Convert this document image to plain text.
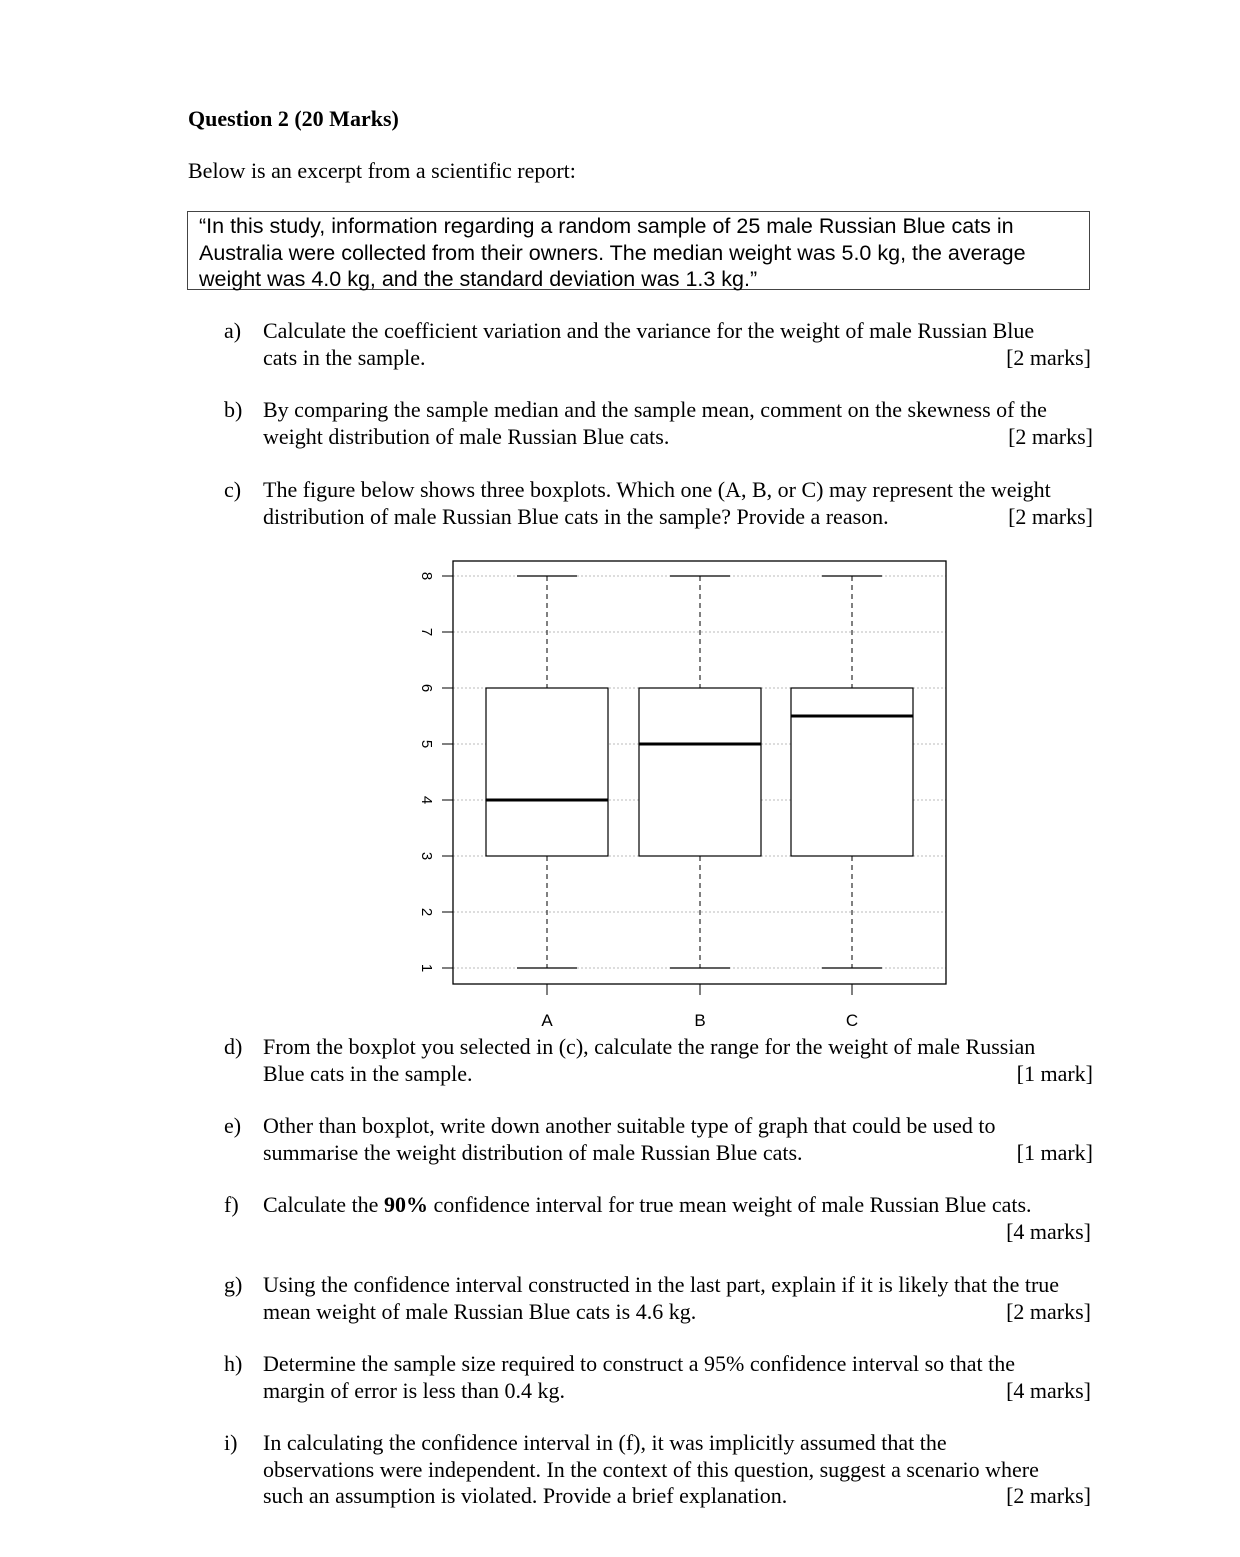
Question 2 (20 Marks)
Below is an excerpt from a scientific report:
“In this study, information regarding a random sample of 25 male Russian Blue cats in
Australia were collected from their owners. The median weight was 5.0 kg, the average
weight was 4.0 kg, and the standard deviation was 1.3 kg.”
a) Calculate the coefficient variation and the variance for the weight of male Russian Blue
cats in the sample.	[2 marks]
b) By comparing the sample median and the sample mean, comment on the skewness of the
weight distribution of male Russian Blue cats.	[2 marks]
c) The figure below shows three boxplots. Which one (A, B, or C) may represent the weight
distribution of male Russian Blue cats in the sample? Provide a reason.	[2 marks]
1
2
3
4
5
6
7
8
A	B	C
d) From the boxplot you selected in (c), calculate the range for the weight of male Russian
Blue cats in the sample.	[1 mark]
e) Other than boxplot, write down another suitable type of graph that could be used to
summarise the weight distribution of male Russian Blue cats.	[1 mark]
f)	Calculate the 90% confidence interval for true mean weight of male Russian Blue cats.
[4 marks]
g) Using the confidence interval constructed in the last part, explain if it is likely that the true
mean weight of male Russian Blue cats is 4.6 kg.	[2 marks]
h) Determine the sample size required to construct a 95% confidence interval so that the
margin of error is less than 0.4 kg.	[4 marks]
i)	In calculating the confidence interval in (f), it was implicitly assumed that the
observations were independent. In the context of this question, suggest a scenario where
such an assumption is violated. Provide a brief explanation.	[2 marks]
